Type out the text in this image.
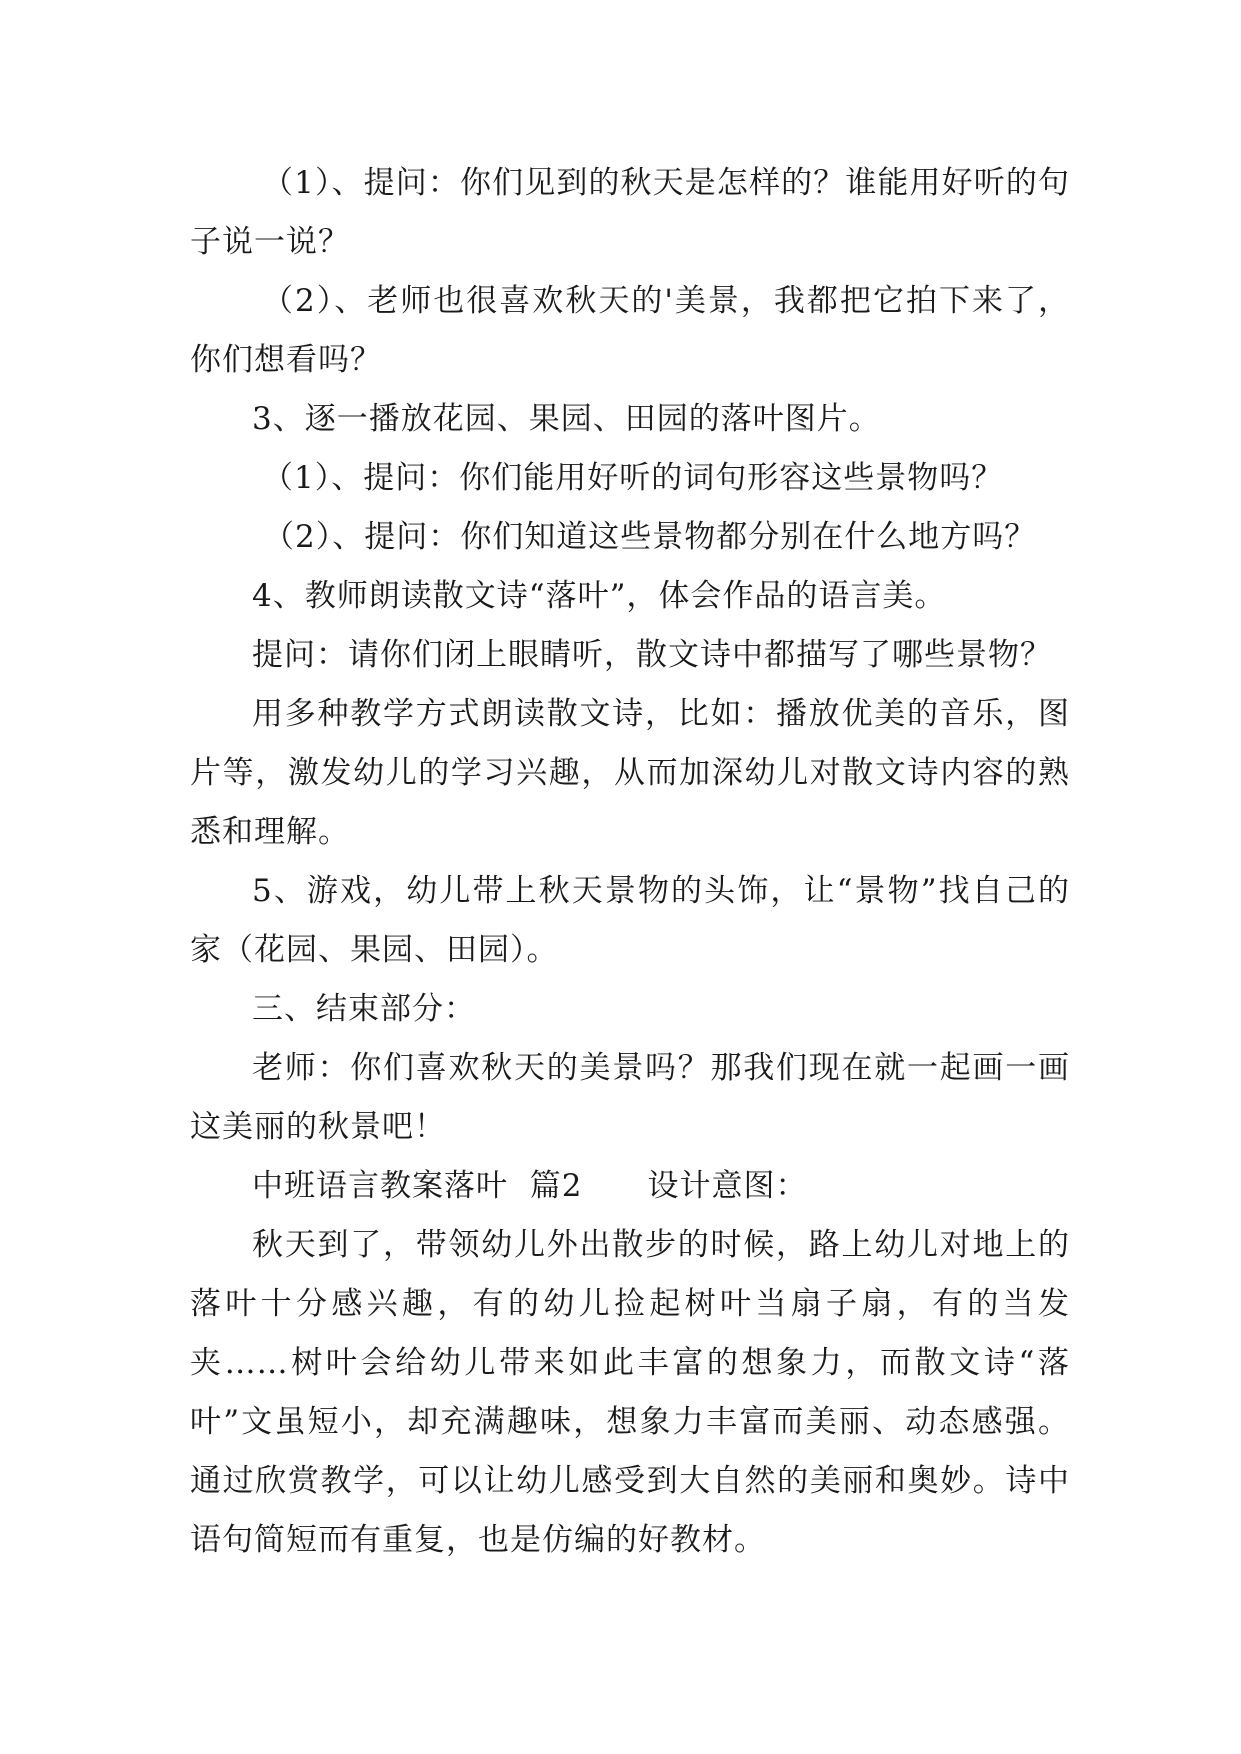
（1）、提问：你们见到的秋天是怎样的？谁能用好听的句子说一说？

（2）、老师也很喜欢秋天的'美景，我都把它拍下来了，你们想看吗？

3、逐一播放花园、果园、田园的落叶图片。

（1）、提问：你们能用好听的词句形容这些景物吗？

（2）、提问：你们知道这些景物都分别在什么地方吗？

4、教师朗读散文诗“落叶”，体会作品的语言美。

提问：请你们闭上眼睛听，散文诗中都描写了哪些景物？

用多种教学方式朗读散文诗，比如：播放优美的音乐，图片等，激发幼儿的学习兴趣，从而加深幼儿对散文诗内容的熟悉和理解。

5、游戏，幼儿带上秋天景物的头饰，让“景物”找自己的家（花园、果园、田园）。

三、结束部分：

老师：你们喜欢秋天的美景吗？那我们现在就一起画一画这美丽的秋景吧！

中班语言教案落叶  篇2      设计意图：

秋天到了，带领幼儿外出散步的时候，路上幼儿对地上的落叶十分感兴趣，有的幼儿捡起树叶当扇子扇，有的当发夹……树叶会给幼儿带来如此丰富的想象力，而散文诗“落叶”文虽短小，却充满趣味，想象力丰富而美丽、动态感强。通过欣赏教学，可以让幼儿感受到大自然的美丽和奥妙。诗中语句简短而有重复，也是仿编的好教材。
